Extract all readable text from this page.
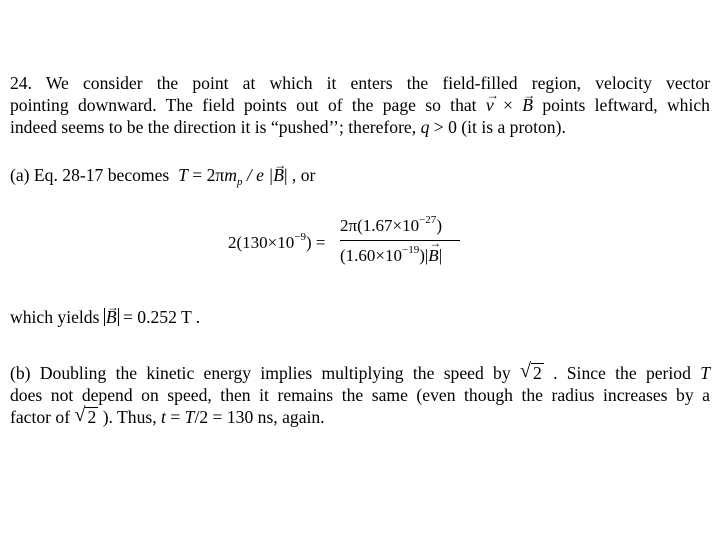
24. We consider the point at which it enters the field-filled region, velocity vector
pointing downward. The field points out of the page so that → v × → B points leftward, which
indeed seems to be the direction it is “pushed’’; therefore, q > 0 (it is a proton).
(a) Eq. 28-17 becomes $T = 2\pi m_p / e$ |→ B| , or
$2(130\times 10^{-9})$ =
$2\pi(1.67\times 10^{-27})$
$(1.60\times 10^{-19})|\to B|$
which yields → B = 0.252 T .
(b) Doubling the kinetic energy implies multiplying the speed by √ 2 . Since the period T
does not depend on speed, then it remains the same (even though the radius increases by a
factor of √ 2 ). Thus, t = T/2 = 130 ns, again.
